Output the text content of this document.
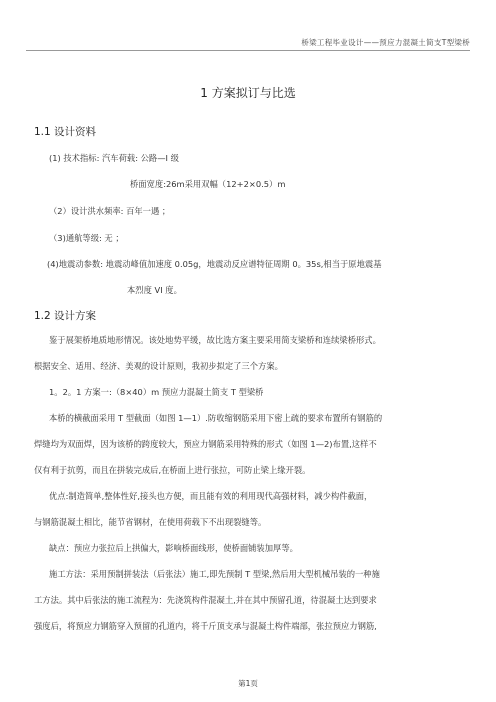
桥梁工程毕业设计——预应力混凝土简支T型梁桥
1 方案拟订与比选
1.1 设计资料
(1) 技术指标: 汽车荷载: 公路—I 级
桥面宽度:26m采用双幅（12+2×0.5）m
（2）设计洪水频率: 百年一遇 ；
（3)通航等级: 无 ；
(4)地震动参数: 地震动峰值加速度 0.05g，地震动反应谱特征周期 0。35s,相当于原地震基
本烈度 VI 度。
1.2 设计方案
鉴于展架桥地质地形情况。该处地势平缓，故比选方案主要采用简支梁桥和连续梁桥形式。
根据安全、适用、经济、美观的设计原则，我初步拟定了三个方案。
1。2。1 方案一:（8×40）m 预应力混凝土简支 T 型梁桥
本桥的横截面采用 T 型截面（如图 1—1）.防收缩钢筋采用下密上疏的要求布置所有钢筋的
焊缝均为双面焊，因为该桥的跨度较大，预应力钢筋采用特殊的形式（如图 1—2)布置,这样不
仅有利于抗剪，而且在拼装完成后,在桥面上进行张拉，可防止梁上缘开裂。
优点:制造简单,整体性好,接头也方便，而且能有效的利用现代高强材料，减少构件截面，
与钢筋混凝土相比，能节省钢材，在使用荷载下不出现裂缝等。
缺点：预应力张拉后上拱偏大，影响桥面线形，使桥面铺装加厚等。
施工方法：采用预制拼装法（后张法）施工,即先预制 T 型梁,然后用大型机械吊装的一种施
工方法。其中后张法的施工流程为：先浇筑构件混凝土,并在其中预留孔道，待混凝土达到要求
强度后，将预应力钢筋穿入预留的孔道内，将千斤顶支承与混凝土构件端部，张拉预应力钢筋,
第1页
